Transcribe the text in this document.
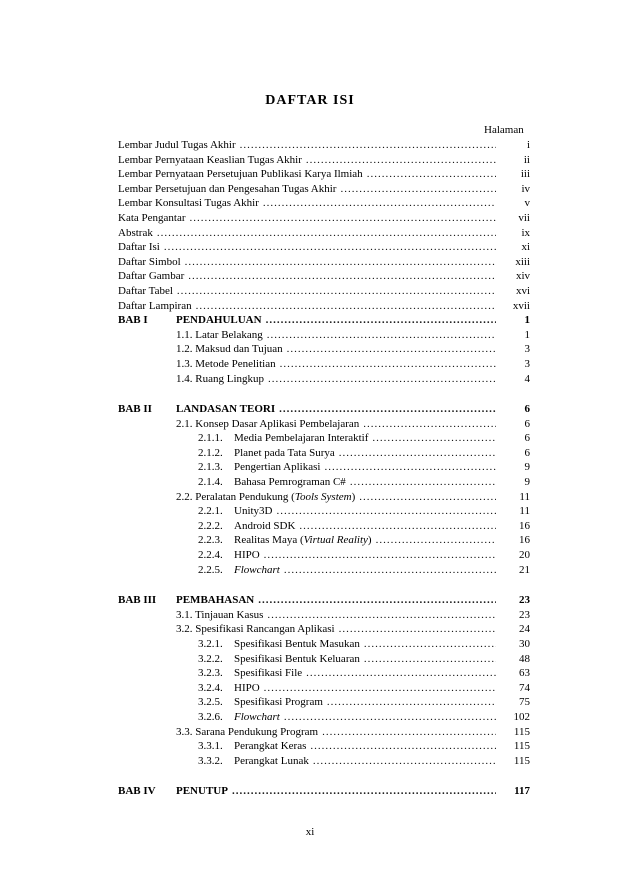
DAFTAR ISI
Halaman
Lembar Judul Tugas Akhir .....	i
Lembar Pernyataan Keaslian Tugas Akhir .....	ii
Lembar Pernyataan Persetujuan Publikasi Karya Ilmiah .....	iii
Lembar Persetujuan dan Pengesahan Tugas Akhir .....	iv
Lembar Konsultasi Tugas Akhir .....	v
Kata Pengantar .....	vii
Abstrak .....	ix
Daftar Isi .....	xi
Daftar Simbol .....	xiii
Daftar Gambar .....	xiv
Daftar Tabel .....	xvi
Daftar Lampiran .....	xvii
BAB I	PENDAHULUAN .....	1
1.1. Latar Belakang .....	1
1.2. Maksud dan Tujuan .....	3
1.3. Metode Penelitian .....	3
1.4. Ruang Lingkup .....	4
BAB II	LANDASAN TEORI .....	6
2.1. Konsep Dasar Aplikasi Pembelajaran .....	6
2.1.1.	Media Pembelajaran Interaktif .....	6
2.1.2.	Planet pada Tata Surya .....	6
2.1.3.	Pengertian Aplikasi .....	9
2.1.4.	Bahasa Pemrograman C# .....	9
2.2. Peralatan Pendukung (Tools System) .....	11
2.2.1.	Unity3D .....	11
2.2.2.	Android SDK .....	16
2.2.3.	Realitas Maya (Virtual Reality) .....	16
2.2.4.	HIPO .....	20
2.2.5.	Flowchart .....	21
BAB III	PEMBAHASAN .....	23
3.1. Tinjauan Kasus .....	23
3.2. Spesifikasi Rancangan Aplikasi .....	24
3.2.1.	Spesifikasi Bentuk Masukan .....	30
3.2.2.	Spesifikasi Bentuk Keluaran .....	48
3.2.3.	Spesifikasi File .....	63
3.2.4.	HIPO .....	74
3.2.5.	Spesifikasi Program .....	75
3.2.6.	Flowchart .....	102
3.3. Sarana Pendukung Program .....	115
3.3.1.	Perangkat Keras .....	115
3.3.2.	Perangkat Lunak .....	115
BAB IV	PENUTUP .....	117
xi
